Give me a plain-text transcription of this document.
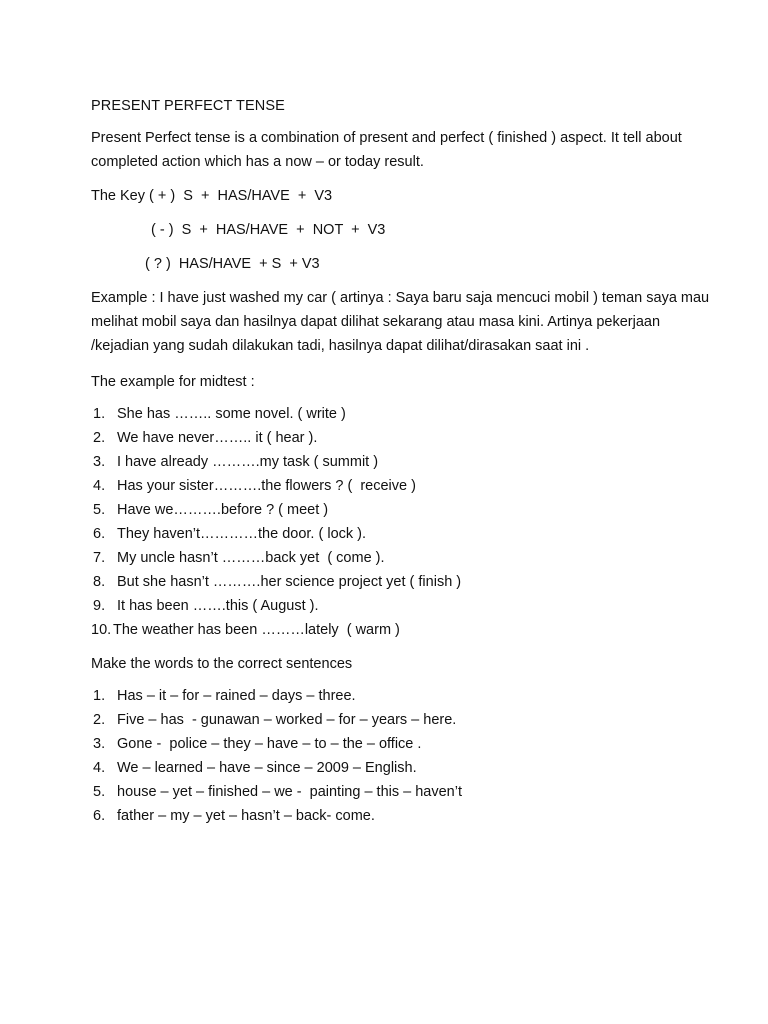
PRESENT PERFECT TENSE

Present Perfect tense is a combination of present and perfect ( finished ) aspect. It tell about completed action which has a now – or today result.

The Key ( + )  S  +  HAS/HAVE  +  V3

( - )  S  +  HAS/HAVE  +  NOT  +  V3

( ? )  HAS/HAVE  + S  + V3

Example : I have just washed my car ( artinya : Saya baru saja mencuci mobil ) teman saya mau melihat mobil saya dan hasilnya dapat dilihat sekarang atau masa kini. Artinya pekerjaan /kejadian yang sudah dilakukan tadi, hasilnya dapat dilihat/dirasakan saat ini .

The example for midtest :

1. She has …….. some novel. ( write )
2. We have never…….. it ( hear ).
3. I have already ……….my task ( summit )
4. Has your sister……….the flowers ? (  receive )
5. Have we……….before ? ( meet )
6. They haven’t…………the door. ( lock ).
7. My uncle hasn’t ………back yet  ( come ).
8. But she hasn’t ……….her science project yet ( finish )
9. It has been …….this ( August ).
10. The weather has been ………lately  ( warm )

Make the words to the correct sentences

1. Has – it – for – rained – days – three.
2. Five – has  - gunawan – worked – for – years – here.
3. Gone -  police – they – have – to – the – office .
4. We – learned – have – since – 2009 – English.
5. house – yet – finished – we -  painting – this – haven’t
6. father – my – yet – hasn’t – back- come.
